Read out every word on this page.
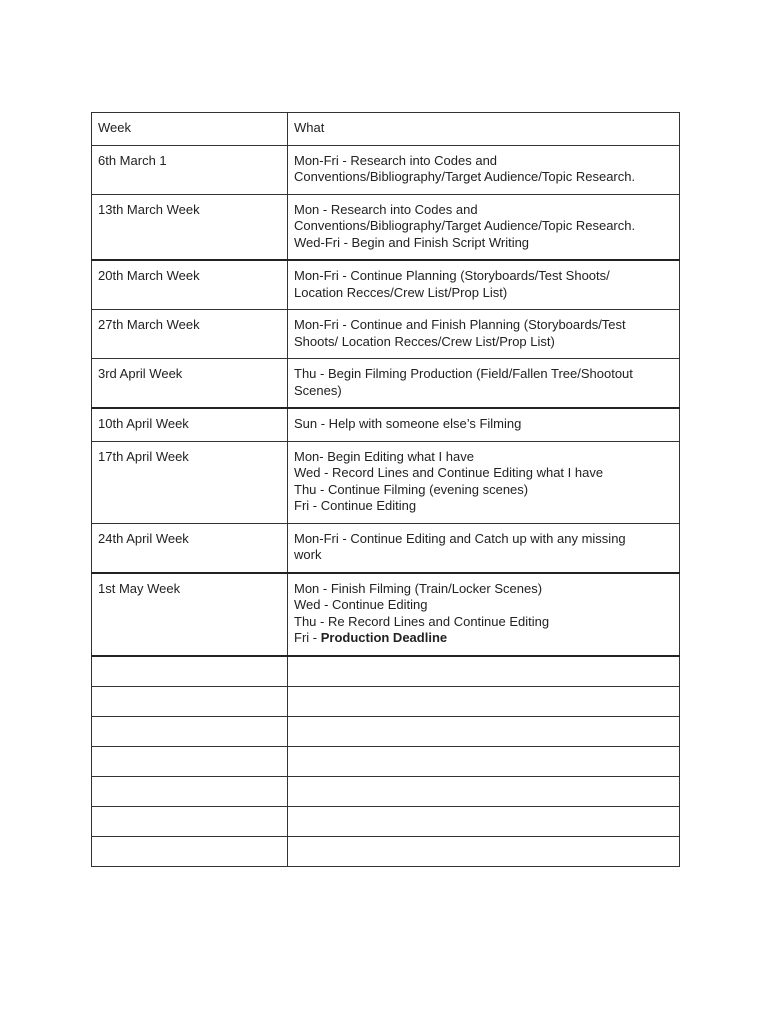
Week	What
6th March 1	Mon-Fri - Research into Codes and
Conventions/Bibliography/Target Audience/Topic Research.

13th March Week	Mon - Research into Codes and
Conventions/Bibliography/Target Audience/Topic Research.
Wed-Fri - Begin and Finish Script Writing

20th March Week	Mon-Fri - Continue Planning (Storyboards/Test Shoots/
Location Recces/Crew List/Prop List)

27th March Week	Mon-Fri - Continue and Finish Planning (Storyboards/Test
Shoots/ Location Recces/Crew List/Prop List)

3rd April Week	Thu - Begin Filming Production (Field/Fallen Tree/Shootout
Scenes)

10th April Week	Sun - Help with someone else’s Filming

17th April Week	Mon- Begin Editing what I have
Wed - Record Lines and Continue Editing what I have
Thu - Continue Filming (evening scenes)
Fri - Continue Editing

24th April Week	Mon-Fri - Continue Editing and Catch up with any missing
work

1st May Week	Mon - Finish Filming (Train/Locker Scenes)
Wed - Continue Editing
Thu - Re Record Lines and Continue Editing
Fri - Production Deadline
